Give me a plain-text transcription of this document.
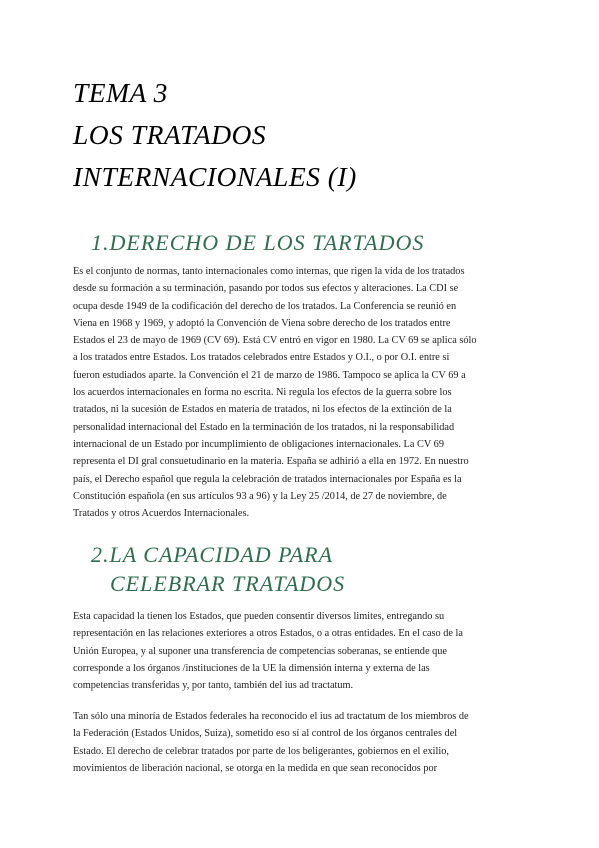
TEMA 3
LOS TRATADOS
INTERNACIONALES (I)
1.DERECHO DE LOS TARTADOS
Es el conjunto de normas, tanto internacionales como internas, que rigen la vida de los tratados
desde su formación a su terminación, pasando por todos sus efectos y alteraciones. La CDI se
ocupa desde 1949 de la codificación del derecho de los tratados. La Conferencia se reunió en
Viena en 1968 y 1969, y adoptó la Convención de Viena sobre derecho de los tratados entre
Estados el 23 de mayo de 1969 (CV 69). Está CV entró en vigor en 1980. La CV 69 se aplica sólo
a los tratados entre Estados. Los tratados celebrados entre Estados y O.I., o por O.I. entre si
fueron estudiados aparte. la Convención el 21 de marzo de 1986. Tampoco se aplica la CV 69 a
los acuerdos internacionales en forma no escrita. Ni regula los efectos de la guerra sobre los
tratados, ni la sucesión de Estados en materia de tratados, ni los efectos de la extinción de la
personalidad internacional del Estado en la terminación de los tratados, ni la responsabilidad
internacional de un Estado por incumplimiento de obligaciones internacionales. La CV 69
representa el DI gral consuetudinario en la materia. España se adhirió a ella en 1972. En nuestro
país, el Derecho español que regula la celebración de tratados internacionales por España es la
Constitución española (en sus artículos 93 a 96) y la Ley 25 /2014, de 27 de noviembre, de
Tratados y otros Acuerdos Internacionales.
2.LA CAPACIDAD PARA
CELEBRAR TRATADOS
Esta capacidad la tienen los Estados, que pueden consentir diversos limites, entregando su
representación en las relaciones exteriores a otros Estados, o a otras entidades. En el caso de la
Unión Europea, y al suponer una transferencia de competencias soberanas, se entiende que
corresponde a los órganos /instituciones de la UE la dimensión interna y externa de las
competencias transferidas y, por tanto, también del ius ad tractatum.
Tan sólo una minoría de Estados federales ha reconocido el ius ad tractatum de los miembros de
la Federación (Estados Unidos, Suiza), sometido eso sí al control de los órganos centrales del
Estado. El derecho de celebrar tratados por parte de los beligerantes, gobiernos en el exilio,
movimientos de liberación nacional, se otorga en la medida en que sean reconocidos por
